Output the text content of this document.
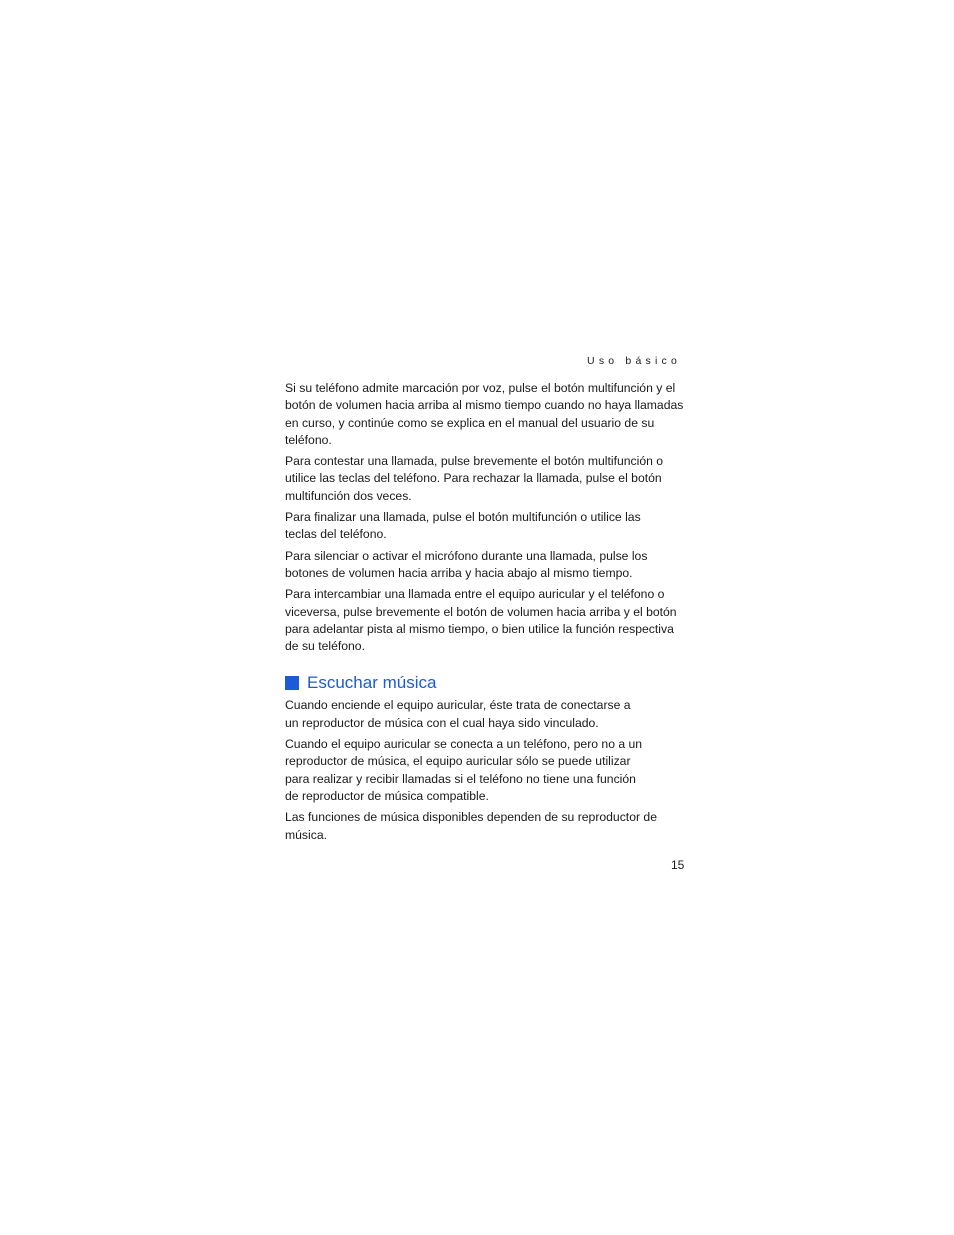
Uso básico

Si su teléfono admite marcación por voz, pulse el botón multifunción y el botón de volumen hacia arriba al mismo tiempo cuando no haya llamadas en curso, y continúe como se explica en el manual del usuario de su teléfono.

Para contestar una llamada, pulse brevemente el botón multifunción o utilice las teclas del teléfono. Para rechazar la llamada, pulse el botón multifunción dos veces.

Para finalizar una llamada, pulse el botón multifunción o utilice las teclas del teléfono.

Para silenciar o activar el micrófono durante una llamada, pulse los botones de volumen hacia arriba y hacia abajo al mismo tiempo.

Para intercambiar una llamada entre el equipo auricular y el teléfono o viceversa, pulse brevemente el botón de volumen hacia arriba y el botón para adelantar pista al mismo tiempo, o bien utilice la función respectiva de su teléfono.

Escuchar música

Cuando enciende el equipo auricular, éste trata de conectarse a un reproductor de música con el cual haya sido vinculado.

Cuando el equipo auricular se conecta a un teléfono, pero no a un reproductor de música, el equipo auricular sólo se puede utilizar para realizar y recibir llamadas si el teléfono no tiene una función de reproductor de música compatible.

Las funciones de música disponibles dependen de su reproductor de música.

15
